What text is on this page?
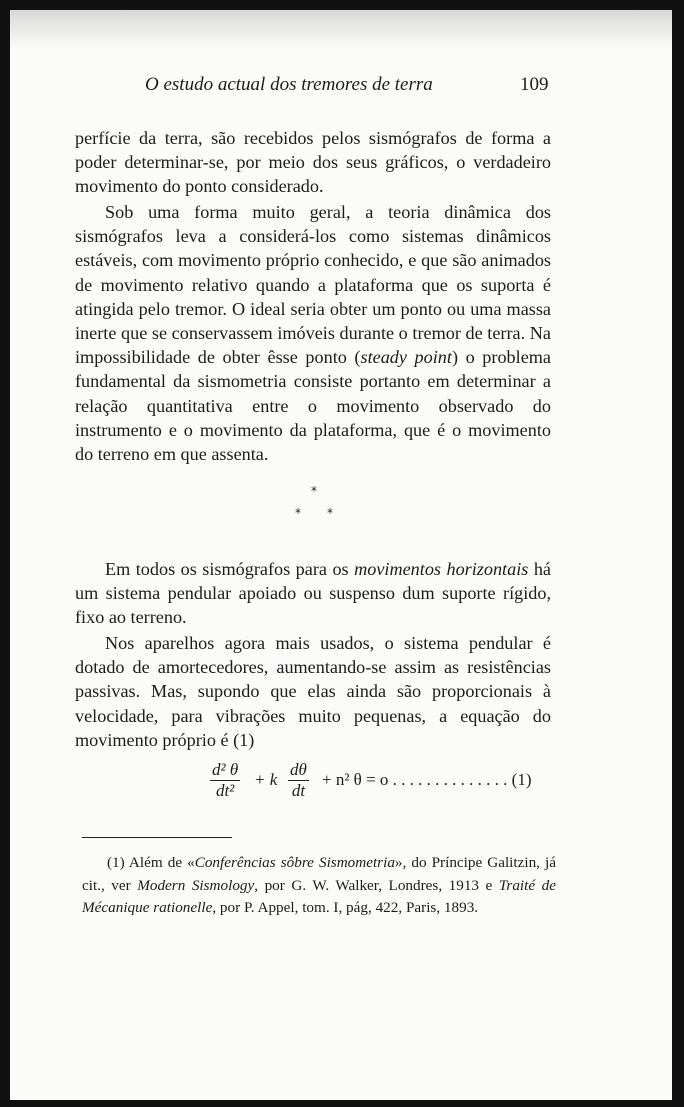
O estudo actual dos tremores de terra	109

perfície da terra, são recebidos pelos sismógrafos de forma a poder determinar-se, por meio dos seus gráficos, o verdadeiro movimento do ponto considerado.

Sob uma forma muito geral, a teoria dinâmica dos sismógrafos leva a considerá-los como sistemas dinâmicos estáveis, com movimento próprio conhecido, e que são animados de movimento relativo quando a plataforma que os suporta é atingida pelo tremor. O ideal seria obter um ponto ou uma massa inerte que se conservassem imóveis durante o tremor de terra. Na impossibilidade de obter êsse ponto (steady point) o problema fundamental da sismometria consiste portanto em determinar a relação quantitativa entre o movimento observado do instrumento e o movimento da plataforma, que é o movimento do terreno em que assenta.

*
* *

Em todos os sismógrafos para os movimentos horizontais há um sistema pendular apoiado ou suspenso dum suporte rígido, fixo ao terreno.

Nos aparelhos agora mais usados, o sistema pendular é dotado de amortecedores, aumentando-se assim as resistências passivas. Mas, supondo que elas ainda são proporcionais à velocidade, para vibrações muito pequenas, a equação do movimento próprio é (1)

$\frac{\text{d² θ}}{\text{dt²}} + k \frac{d\theta}{dt} + n^2$ θ = o . . . . . . . . . . . . . . (1)

(1) Além de «Conferências sôbre Sismometria», do Príncipe Galitzin, já cit., ver Modern Sismology, por G. W. Walker, Londres, 1913 e Traité de Mécanique rationelle, por P. Appel, tom. I, pág, 422, Paris, 1893.
